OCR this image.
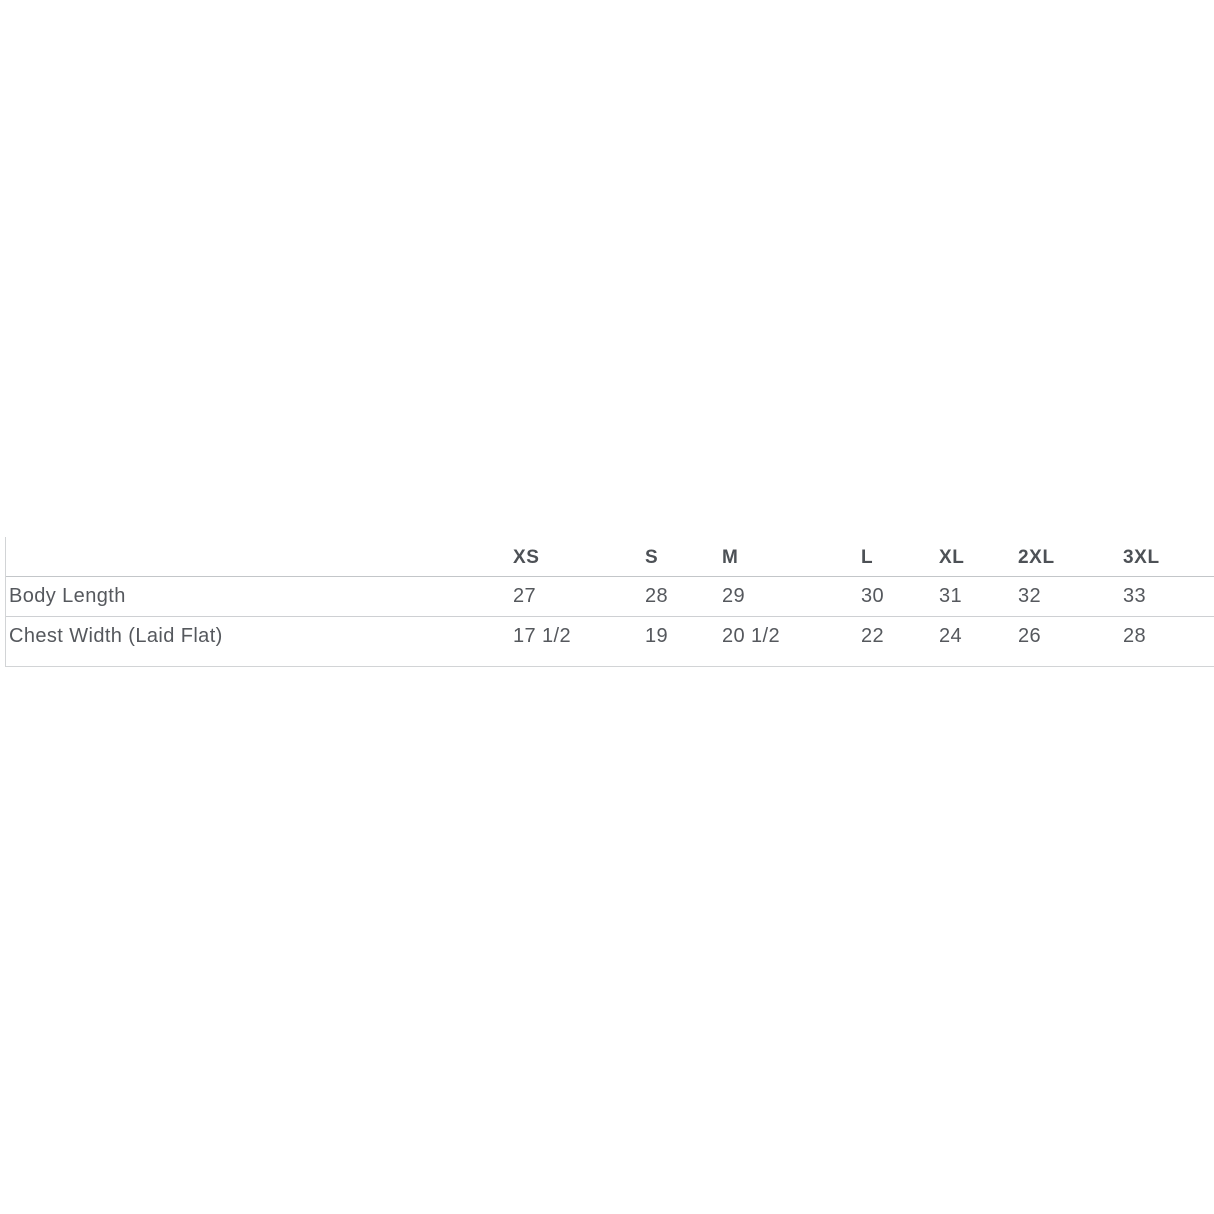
	XS	S	M	L	XL	2XL	3XL
Body Length	27	28	29	30	31	32	33
Chest Width (Laid Flat)	17 1/2	19	20 1/2	22	24	26	28
